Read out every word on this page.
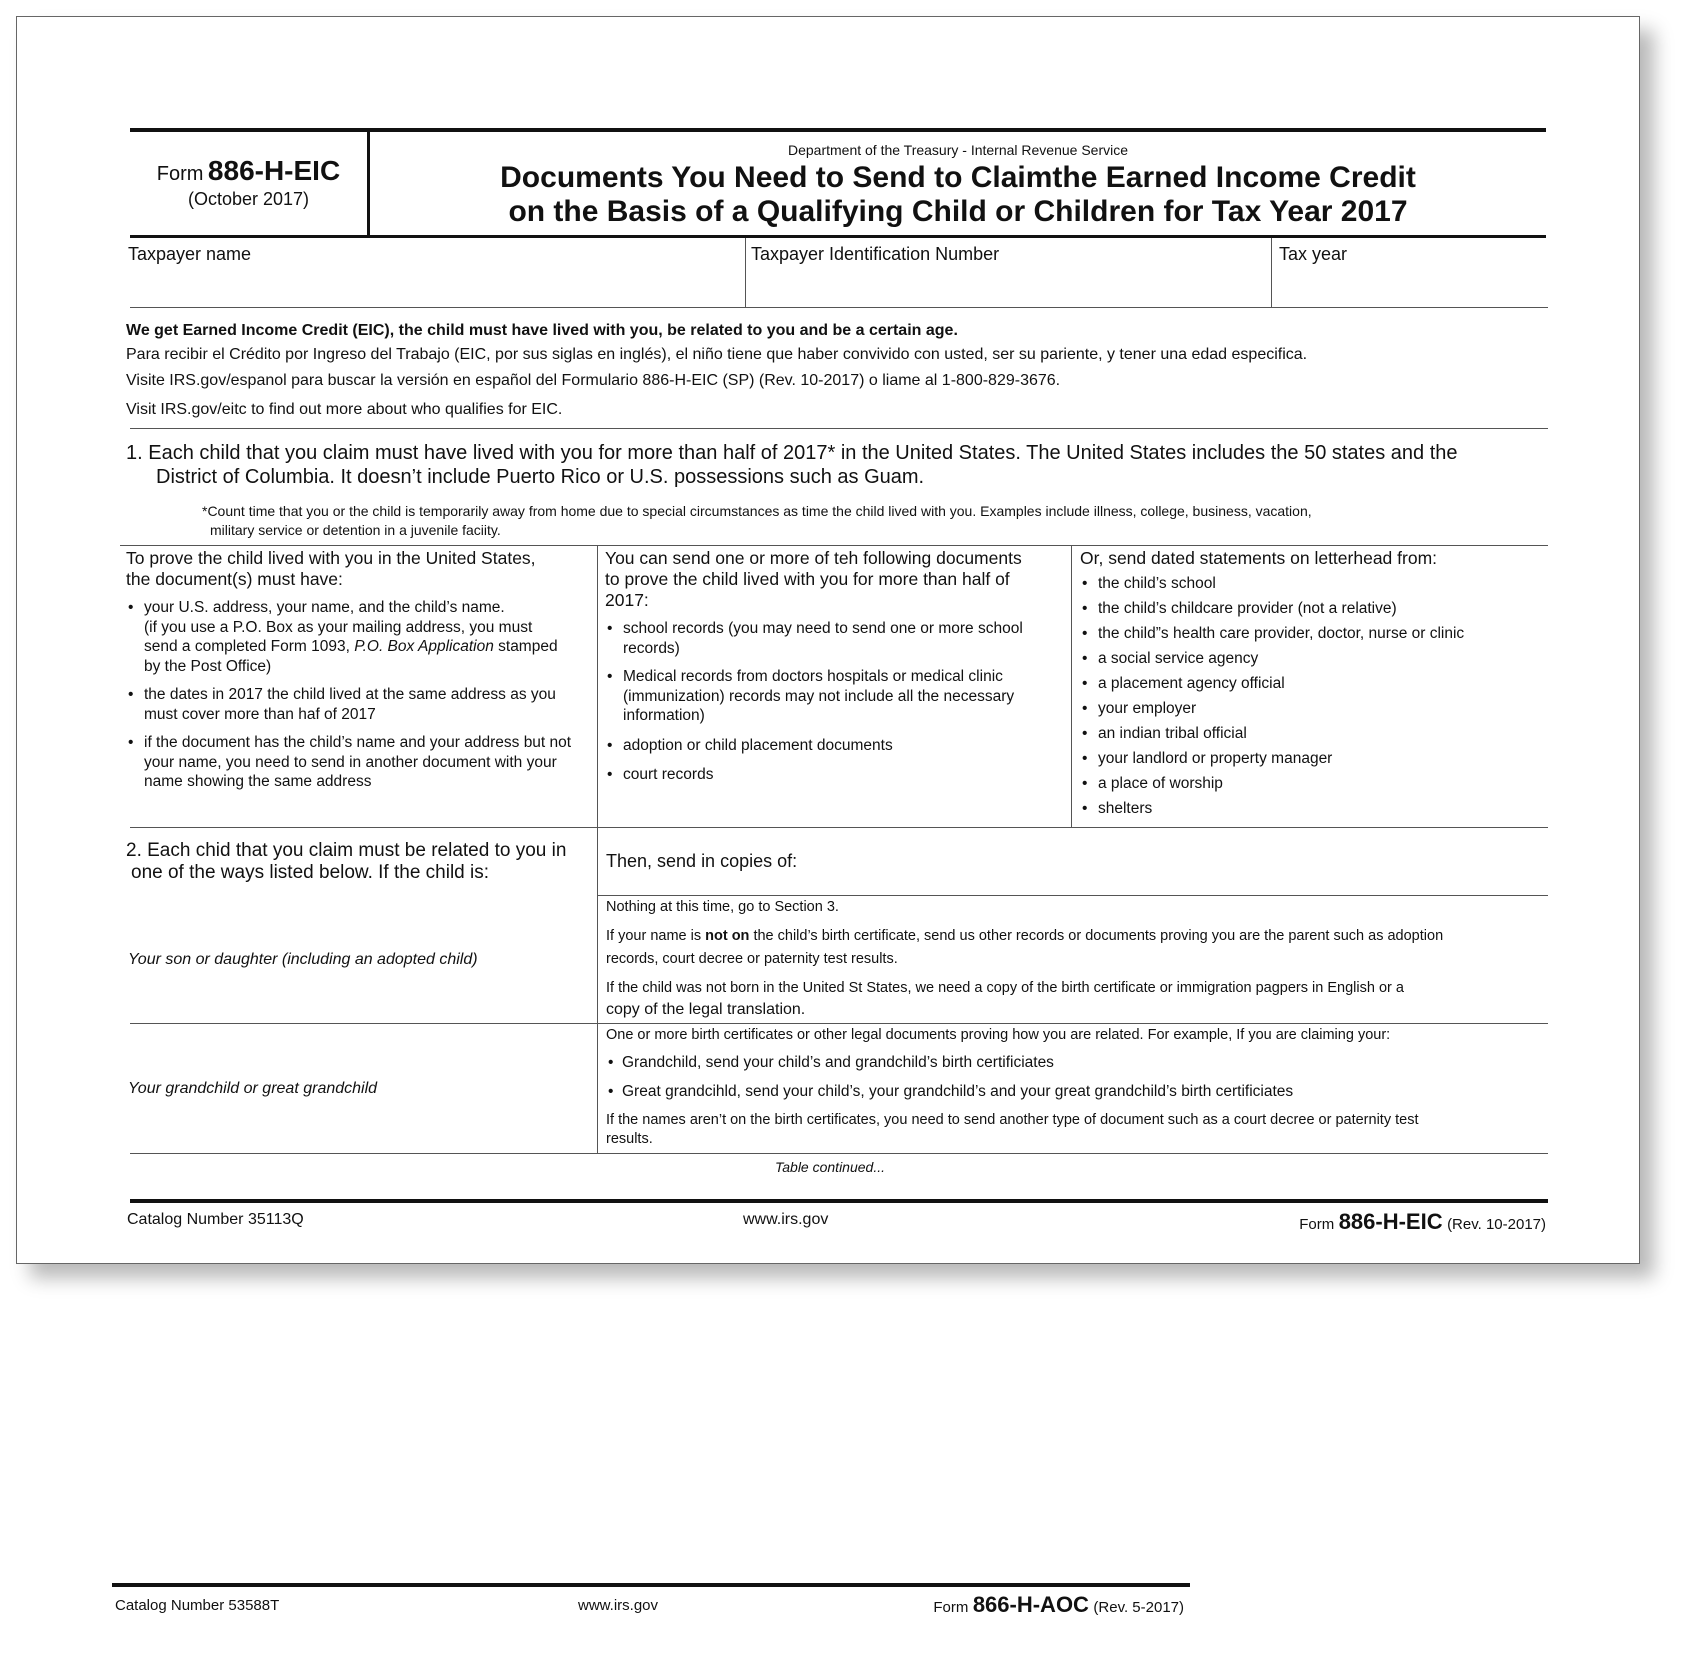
Form 886-H-EIC
(October 2017)
Department of the Treasury - Internal Revenue Service
Documents You Need to Send to Claimthe Earned Income Credit
on the Basis of a Qualifying Child or Children for Tax Year 2017
Taxpayer name	Taxpayer Identification Number	Tax year
We get Earned Income Credit (EIC), the child must have lived with you, be related to you and be a certain age.
Para recibir el Crédito por Ingreso del Trabajo (EIC, por sus siglas en inglés), el niño tiene que haber convivido con usted, ser su pariente, y tener una edad especifica.
Visite IRS.gov/espanol para buscar la versión en español del Formulario 886-H-EIC (SP) (Rev. 10-2017) o liame al 1-800-829-3676.
Visit IRS.gov/eitc to find out more about who qualifies for EIC.
1. Each child that you claim must have lived with you for more than half of 2017* in the United States. The United States includes the 50 states and the
District of Columbia. It doesn’t include Puerto Rico or U.S. possessions such as Guam.
*Count time that you or the child is temporarily away from home due to special circumstances as time the child lived with you. Examples include illness, college, business, vacation,
military service or detention in a juvenile faciity.
To prove the child lived with you in the United States,
the document(s) must have:
• your U.S. address, your name, and the child’s name.
(if you use a P.O. Box as your mailing address, you must
send a completed Form 1093, P.O. Box Application stamped
by the Post Office)
• the dates in 2017 the child lived at the same address as you
must cover more than haf of 2017
• if the document has the child’s name and your address but not
your name, you need to send in another document with your
name showing the same address
You can send one or more of teh following documents
to prove the child lived with you for more than half of
2017:
• school records (you may need to send one or more school
records)
• Medical records from doctors hospitals or medical clinic
(immunization) records may not include all the necessary
information)
• adoption or child placement documents
• court records
Or, send dated statements on letterhead from:
• the child’s school
• the child’s childcare provider (not a relative)
• the child”s health care provider, doctor, nurse or clinic
• a social service agency
• a placement agency official
• your employer
• an indian tribal official
• your landlord or property manager
• a place of worship
• shelters
2. Each chid that you claim must be related to you in
one of the ways listed below. If the child is:
Then, send in copies of:
Your son or daughter (including an adopted child)
Nothing at this time, go to Section 3.
If your name is not on the child’s birth certificate, send us other records or documents proving you are the parent such as adoption
records, court decree or paternity test results.
If the child was not born in the United St States, we need a copy of the birth certificate or immigration pagpers in English or a
copy of the legal translation.
Your grandchild or great grandchild
One or more birth certificates or other legal documents proving how you are related. For example, If you are claiming your:
• Grandchild, send your child’s and grandchild’s birth certificiates
• Great grandcihld, send your child’s, your grandchild’s and your great grandchild’s birth certificiates
If the names aren’t on the birth certificates, you need to send another type of document such as a court decree or paternity test
results.
Table continued...
Catalog Number 35113Q	www.irs.gov	Form 886-H-EIC (Rev. 10-2017)
Catalog Number 53588T	www.irs.gov	Form 866-H-AOC (Rev. 5-2017)
